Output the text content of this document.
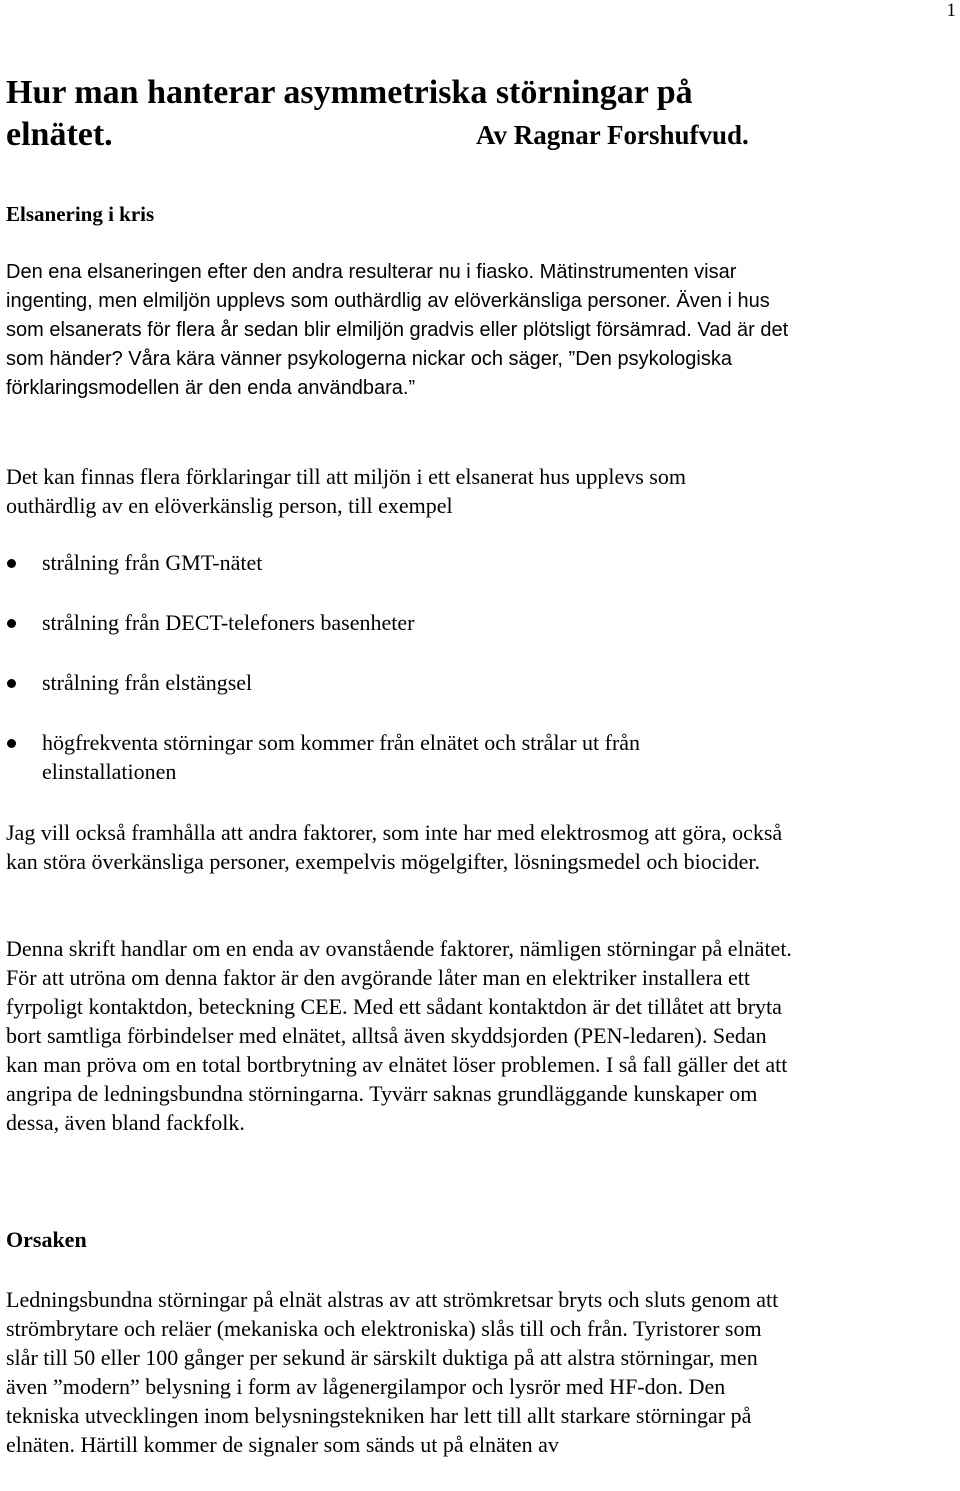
1
Hur man hanterar asymmetriska störningar på
elnätet.	Av Ragnar Forshufvud.
Elsanering i kris

Den ena elsaneringen efter den andra resulterar nu i fiasko. Mätinstrumenten visar ingenting, men elmiljön upplevs som outhärdlig av elöverkänsliga personer. Även i hus som elsanerats för flera år sedan blir elmiljön gradvis eller plötsligt försämrad. Vad är det som händer? Våra kära vänner psykologerna nickar och säger, ”Den psykologiska förklaringsmodellen är den enda användbara.”

Det kan finnas flera förklaringar till att miljön i ett elsanerat hus upplevs som outhärdlig av en elöverkänslig person, till exempel

strålning från GMT-nätet
strålning från DECT-telefoners basenheter
strålning från elstängsel
högfrekventa störningar som kommer från elnätet och strålar ut från elinstallationen

Jag vill också framhålla att andra faktorer, som inte har med elektrosmog att göra, också kan störa överkänsliga personer, exempelvis mögelgifter, lösningsmedel och biocider.

Denna skrift handlar om en enda av ovanstående faktorer, nämligen störningar på elnätet. För att utröna om denna faktor är den avgörande låter man en elektriker installera ett fyrpoligt kontaktdon, beteckning CEE. Med ett sådant kontaktdon är det tillåtet att bryta bort samtliga förbindelser med elnätet, alltså även skyddsjorden (PEN-ledaren). Sedan kan man pröva om en total bortbrytning av elnätet löser problemen. I så fall gäller det att angripa de ledningsbundna störningarna. Tyvärr saknas grundläggande kunskaper om dessa, även bland fackfolk.

Orsaken

Ledningsbundna störningar på elnät alstras av att strömkretsar bryts och sluts genom att strömbrytare och reläer (mekaniska och elektroniska) slås till och från. Tyristorer som slår till 50 eller 100 gånger per sekund är särskilt duktiga på att alstra störningar, men även ”modern” belysning i form av lågenergilampor och lysrör med HF-don. Den tekniska utvecklingen inom belysningstekniken har lett till allt starkare störningar på elnäten. Härtill kommer de signaler som sänds ut på elnäten av
